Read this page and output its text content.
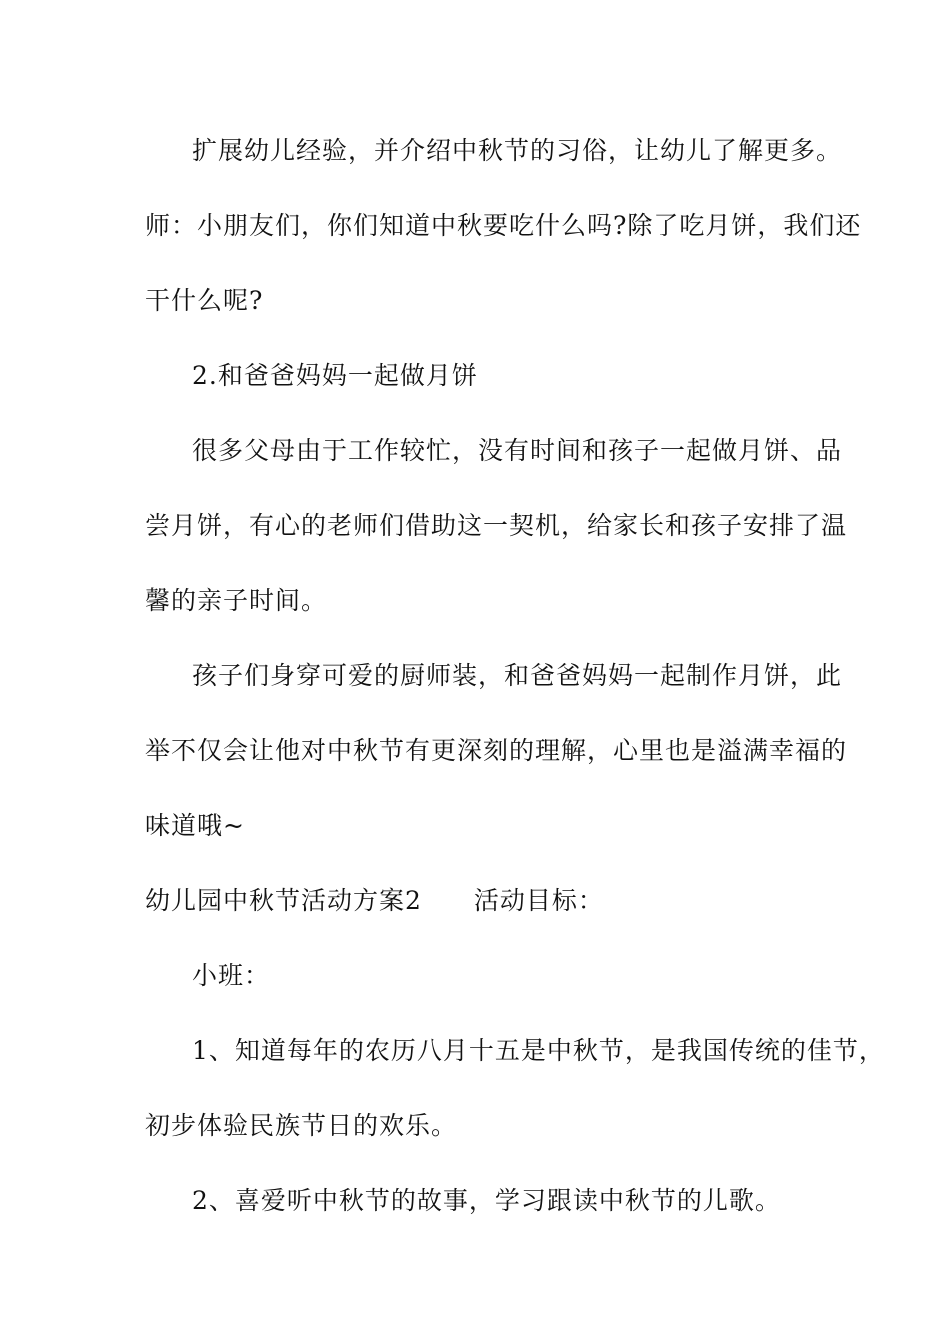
扩展幼儿经验，并介绍中秋节的习俗，让幼儿了解更多。

师：小朋友们，你们知道中秋要吃什么吗?除了吃月饼，我们还

干什么呢?

2.和爸爸妈妈一起做月饼

很多父母由于工作较忙，没有时间和孩子一起做月饼、品

尝月饼，有心的老师们借助这一契机，给家长和孩子安排了温

馨的亲子时间。

孩子们身穿可爱的厨师装，和爸爸妈妈一起制作月饼，此

举不仅会让他对中秋节有更深刻的理解，心里也是溢满幸福的

味道哦~

幼儿园中秋节活动方案2　　活动目标：

小班：

1、知道每年的农历八月十五是中秋节，是我国传统的佳节，

初步体验民族节日的欢乐。

2、喜爱听中秋节的故事，学习跟读中秋节的儿歌。
